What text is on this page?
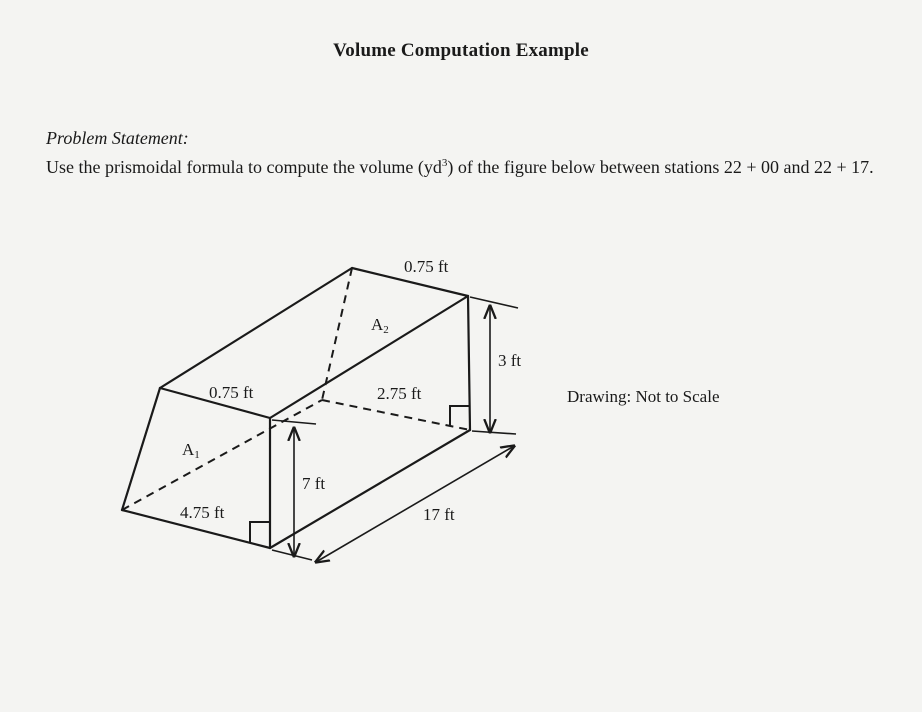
Volume Computation Example
Problem Statement:
Use the prismoidal formula to compute the volume $(yd^3)$ of the figure below between stations 22 + 00 and 22 + 17.
0.75 ft
0.75 ft
A2
A1
2.75 ft
4.75 ft
3 ft
7 ft
17 ft
Drawing: Not to Scale
